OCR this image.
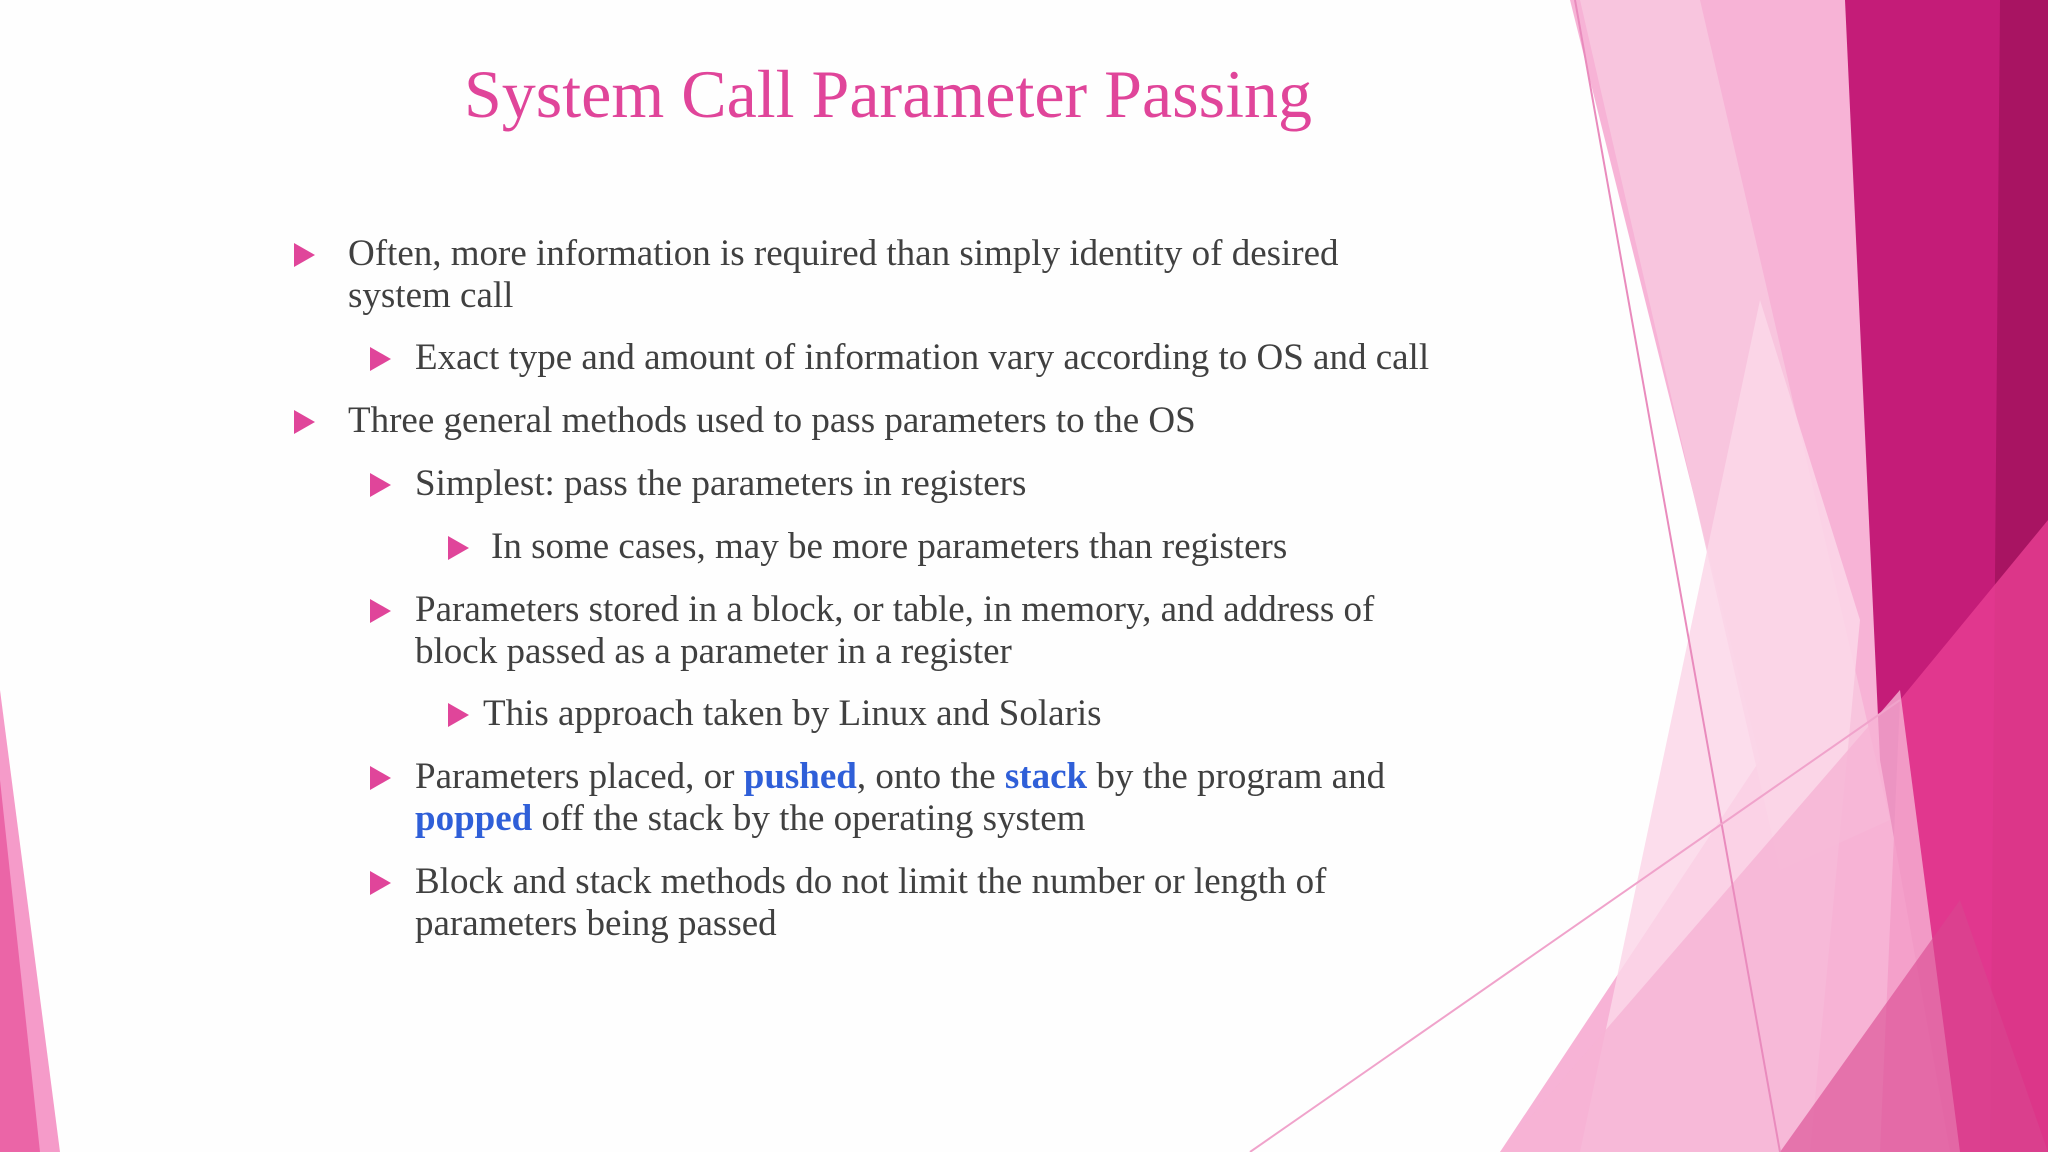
System Call Parameter Passing
Often, more information is required than simply identity of desired
system call
Exact type and amount of information vary according to OS and call
Three general methods used to pass parameters to the OS
Simplest: pass the parameters in registers
In some cases, may be more parameters than registers
Parameters stored in a block, or table, in memory, and address of
block passed as a parameter in a register
This approach taken by Linux and Solaris
Parameters placed, or pushed, onto the stack by the program and
popped off the stack by the operating system
Block and stack methods do not limit the number or length of
parameters being passed
